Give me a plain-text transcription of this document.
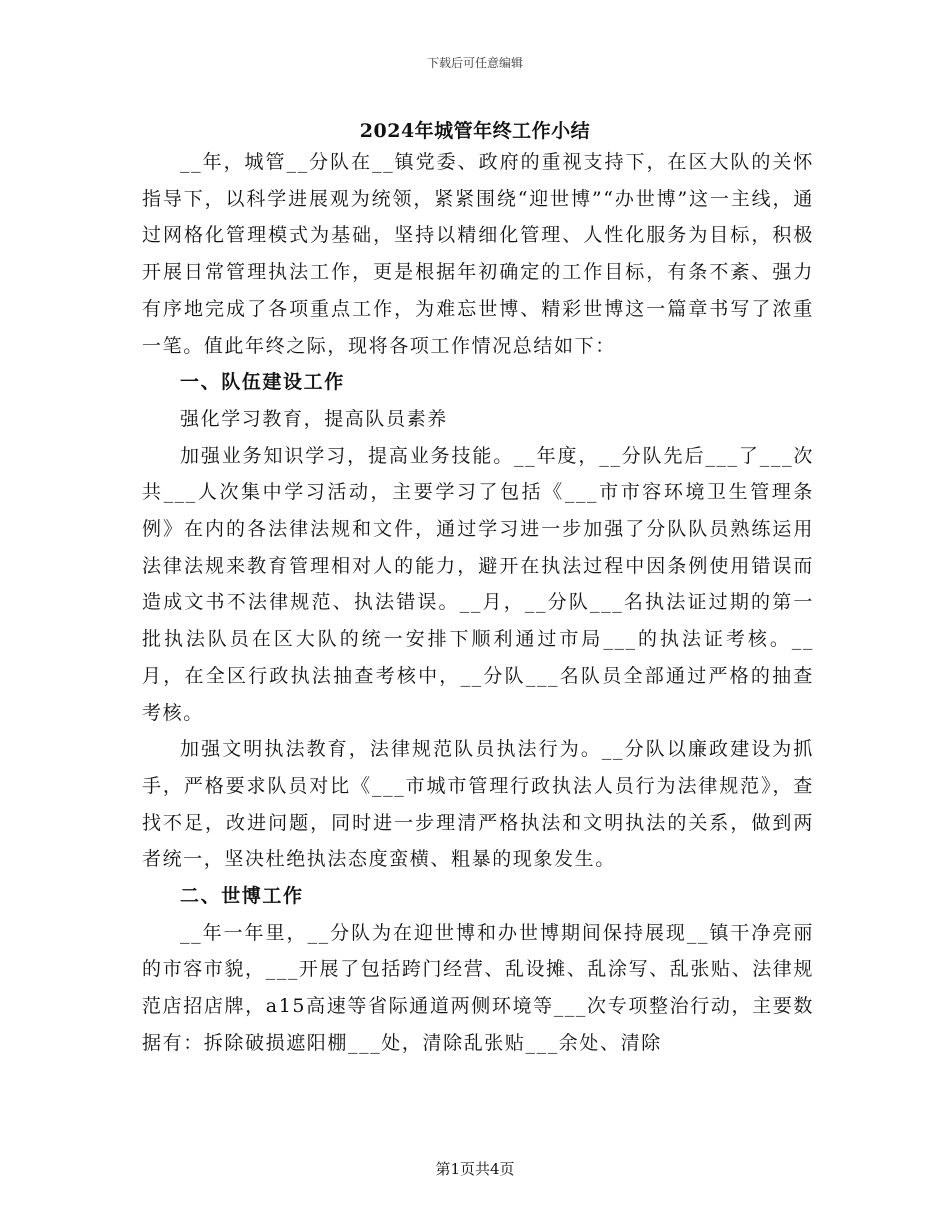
下载后可任意编辑
2024年城管年终工作小结

__年，城管__分队在__镇党委、政府的重视支持下，在区大队的关怀指导下，以科学进展观为统领，紧紧围绕“迎世博”“办世博”这一主线，通过网格化管理模式为基础，坚持以精细化管理、人性化服务为目标，积极开展日常管理执法工作，更是根据年初确定的工作目标，有条不紊、强力有序地完成了各项重点工作，为难忘世博、精彩世博这一篇章书写了浓重一笔。值此年终之际，现将各项工作情况总结如下：

一、队伍建设工作

强化学习教育，提高队员素养

加强业务知识学习，提高业务技能。__年度，__分队先后___了___次共___人次集中学习活动，主要学习了包括《___市市容环境卫生管理条例》在内的各法律法规和文件，通过学习进一步加强了分队队员熟练运用法律法规来教育管理相对人的能力，避开在执法过程中因条例使用错误而造成文书不法律规范、执法错误。__月，__分队___名执法证过期的第一批执法队员在区大队的统一安排下顺利通过市局___的执法证考核。__月，在全区行政执法抽查考核中，__分队___名队员全部通过严格的抽查考核。

加强文明执法教育，法律规范队员执法行为。__分队以廉政建设为抓手，严格要求队员对比《___市城市管理行政执法人员行为法律规范》，查找不足，改进问题，同时进一步理清严格执法和文明执法的关系，做到两者统一，坚决杜绝执法态度蛮横、粗暴的现象发生。

二、世博工作

__年一年里，__分队为在迎世博和办世博期间保持展现__镇干净亮丽的市容市貌，___开展了包括跨门经营、乱设摊、乱涂写、乱张贴、法律规范店招店牌，a15高速等省际通道两侧环境等___次专项整治行动，主要数据有：拆除破损遮阳棚___处，清除乱张贴___余处、清除

第1页共4页
